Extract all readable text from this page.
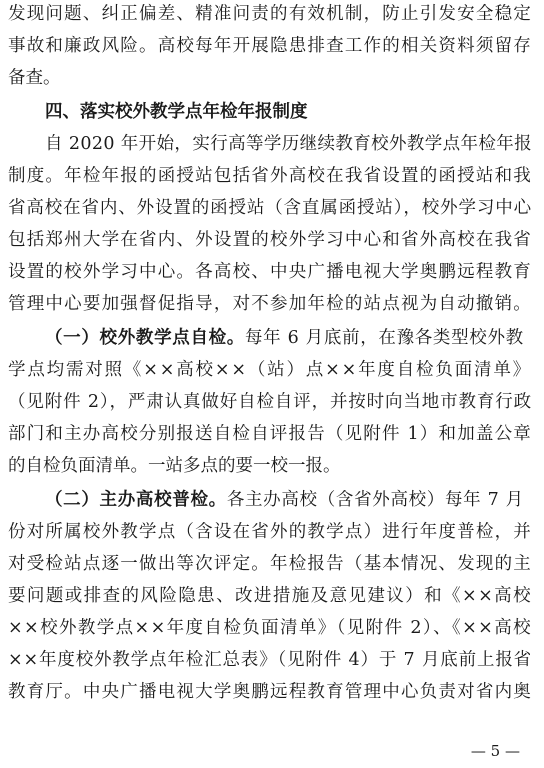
发现问题、纠正偏差、精准问责的有效机制，防止引发安全稳定
事故和廉政风险。高校每年开展隐患排查工作的相关资料须留存
备查。
四、落实校外教学点年检年报制度
自 2020 年开始，实行高等学历继续教育校外教学点年检年报
制度。年检年报的函授站包括省外高校在我省设置的函授站和我
省高校在省内、外设置的函授站（含直属函授站），校外学习中心
包括郑州大学在省内、外设置的校外学习中心和省外高校在我省
设置的校外学习中心。各高校、中央广播电视大学奥鹏远程教育
管理中心要加强督促指导，对不参加年检的站点视为自动撤销。
（一）校外教学点自检。每年 6 月底前，在豫各类型校外教
学点均需对照《××高校××（站）点××年度自检负面清单》
（见附件 2），严肃认真做好自检自评，并按时向当地市教育行政
部门和主办高校分别报送自检自评报告（见附件 1）和加盖公章
的自检负面清单。一站多点的要一校一报。
（二）主办高校普检。各主办高校（含省外高校）每年 7 月
份对所属校外教学点（含设在省外的教学点）进行年度普检，并
对受检站点逐一做出等次评定。年检报告（基本情况、发现的主
要问题或排查的风险隐患、改进措施及意见建议）和《××高校
××校外教学点××年度自检负面清单》（见附件 2）、《××高校
××年度校外教学点年检汇总表》（见附件 4）于 7 月底前上报省
教育厅。中央广播电视大学奥鹏远程教育管理中心负责对省内奥
— 5 —
